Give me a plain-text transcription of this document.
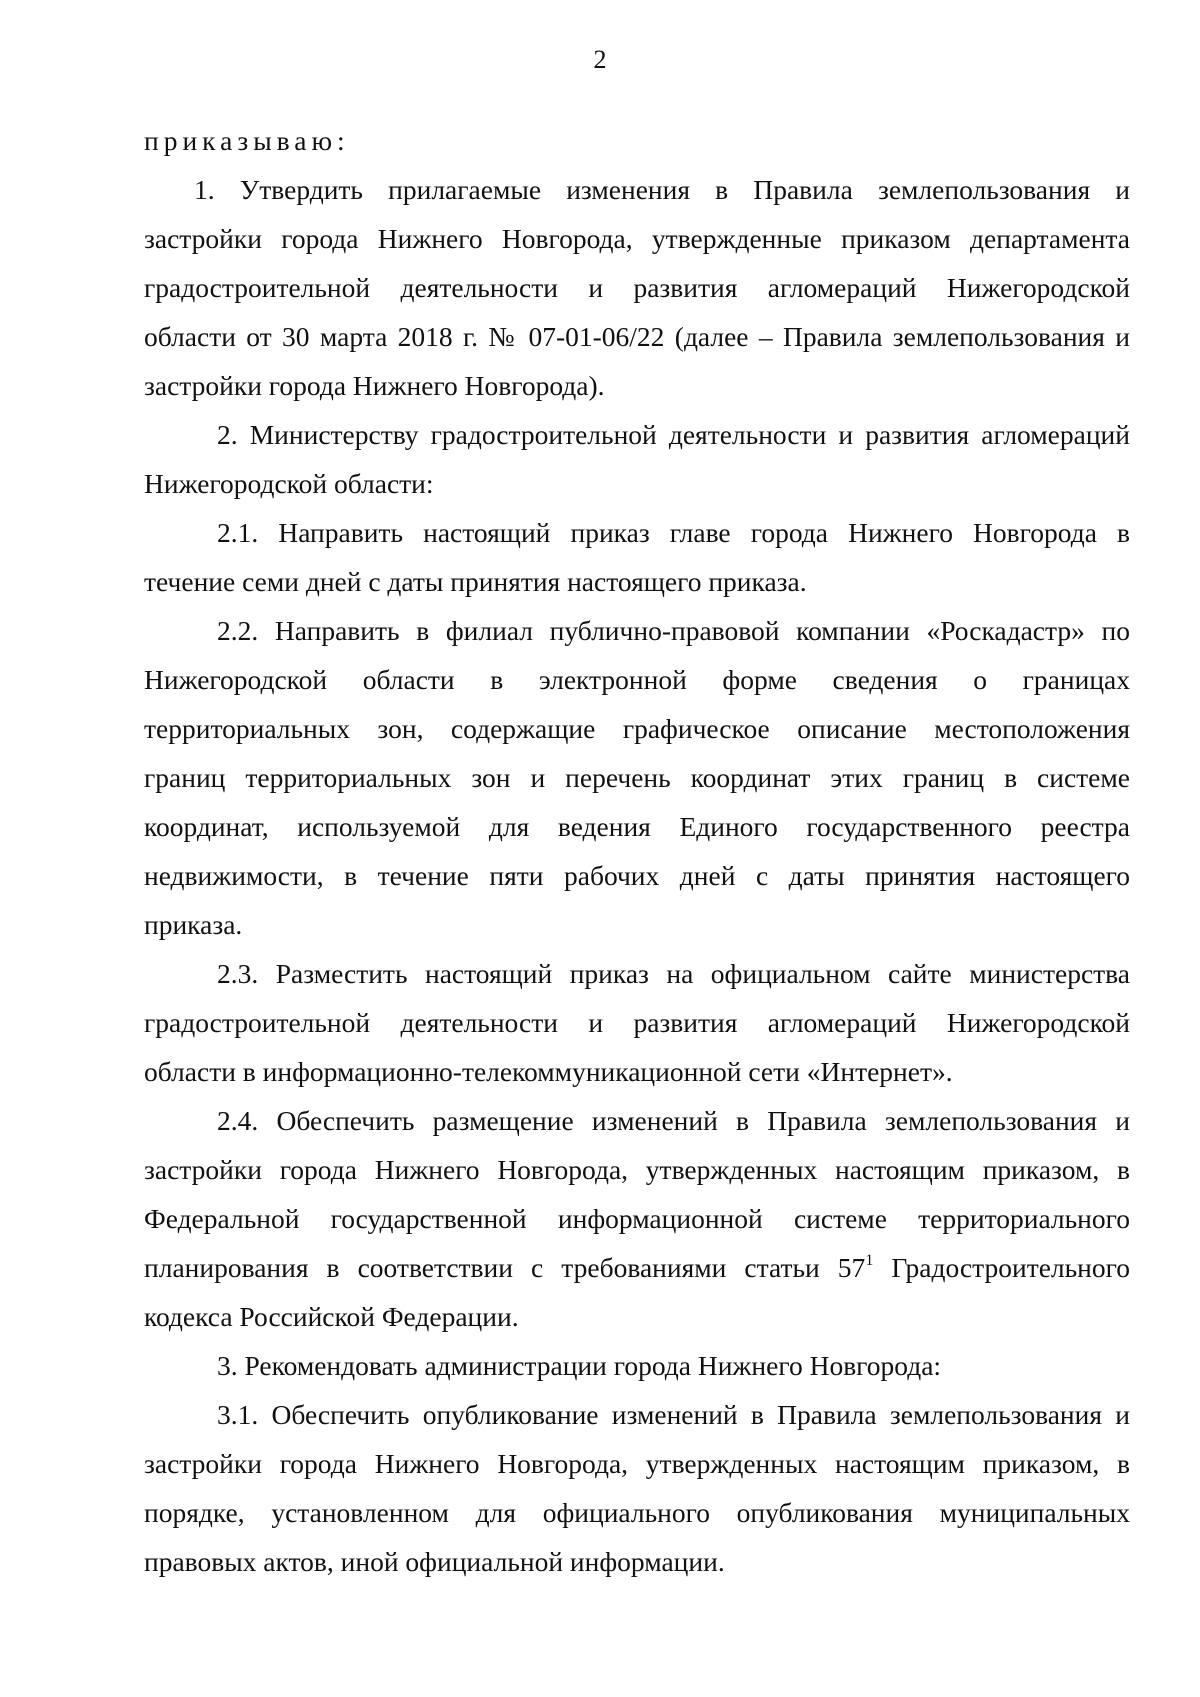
2
приказываю:
1. Утвердить прилагаемые изменения в Правила землепользования и
застройки города Нижнего Новгорода, утвержденные приказом департамента
градостроительной деятельности и развития агломераций Нижегородской
области от 30 марта 2018 г. № 07-01-06/22 (далее – Правила землепользования и
застройки города Нижнего Новгорода).
2. Министерству градостроительной деятельности и развития агломераций
Нижегородской области:
2.1. Направить настоящий приказ главе города Нижнего Новгорода в
течение семи дней с даты принятия настоящего приказа.
2.2. Направить в филиал публично-правовой компании «Роскадастр» по
Нижегородской области в электронной форме сведения о границах
территориальных зон, содержащие графическое описание местоположения
границ территориальных зон и перечень координат этих границ в системе
координат, используемой для ведения Единого государственного реестра
недвижимости, в течение пяти рабочих дней с даты принятия настоящего
приказа.
2.3. Разместить настоящий приказ на официальном сайте министерства
градостроительной деятельности и развития агломераций Нижегородской
области в информационно-телекоммуникационной сети «Интернет».
2.4. Обеспечить размещение изменений в Правила землепользования и
застройки города Нижнего Новгорода, утвержденных настоящим приказом, в
Федеральной государственной информационной системе территориального
планирования в соответствии с требованиями статьи $57^1$ Градостроительного
кодекса Российской Федерации.
3. Рекомендовать администрации города Нижнего Новгорода:
3.1. Обеспечить опубликование изменений в Правила землепользования и
застройки города Нижнего Новгорода, утвержденных настоящим приказом, в
порядке, установленном для официального опубликования муниципальных
правовых актов, иной официальной информации.
